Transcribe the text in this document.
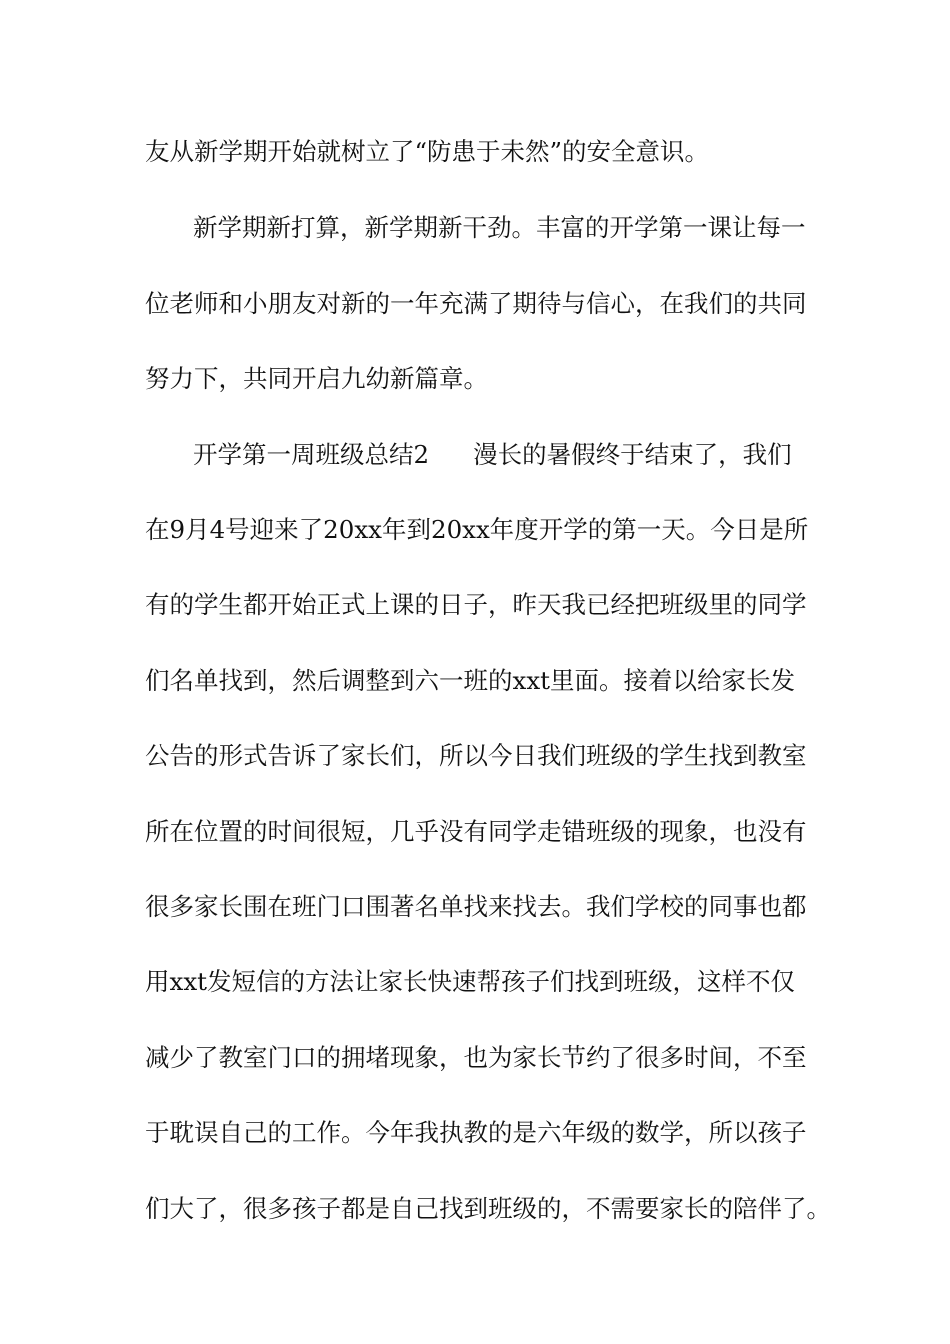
友从新学期开始就树立了“防患于未然”的安全意识。
新学期新打算，新学期新干劲。丰富的开学第一课让每一
位老师和小朋友对新的一年充满了期待与信心，在我们的共同
努力下，共同开启九幼新篇章。
开学第一周班级总结2 漫长的暑假终于结束了，我们
在9月4号迎来了20xx年到20xx年度开学的第一天。今日是所
有的学生都开始正式上课的日子，昨天我已经把班级里的同学
们名单找到，然后调整到六一班的xxt里面。接着以给家长发
公告的形式告诉了家长们，所以今日我们班级的学生找到教室
所在位置的时间很短，几乎没有同学走错班级的现象，也没有
很多家长围在班门口围著名单找来找去。我们学校的同事也都
用xxt发短信的方法让家长快速帮孩子们找到班级，这样不仅
减少了教室门口的拥堵现象，也为家长节约了很多时间，不至
于耽误自己的工作。今年我执教的是六年级的数学，所以孩子
们大了，很多孩子都是自己找到班级的，不需要家长的陪伴了。
